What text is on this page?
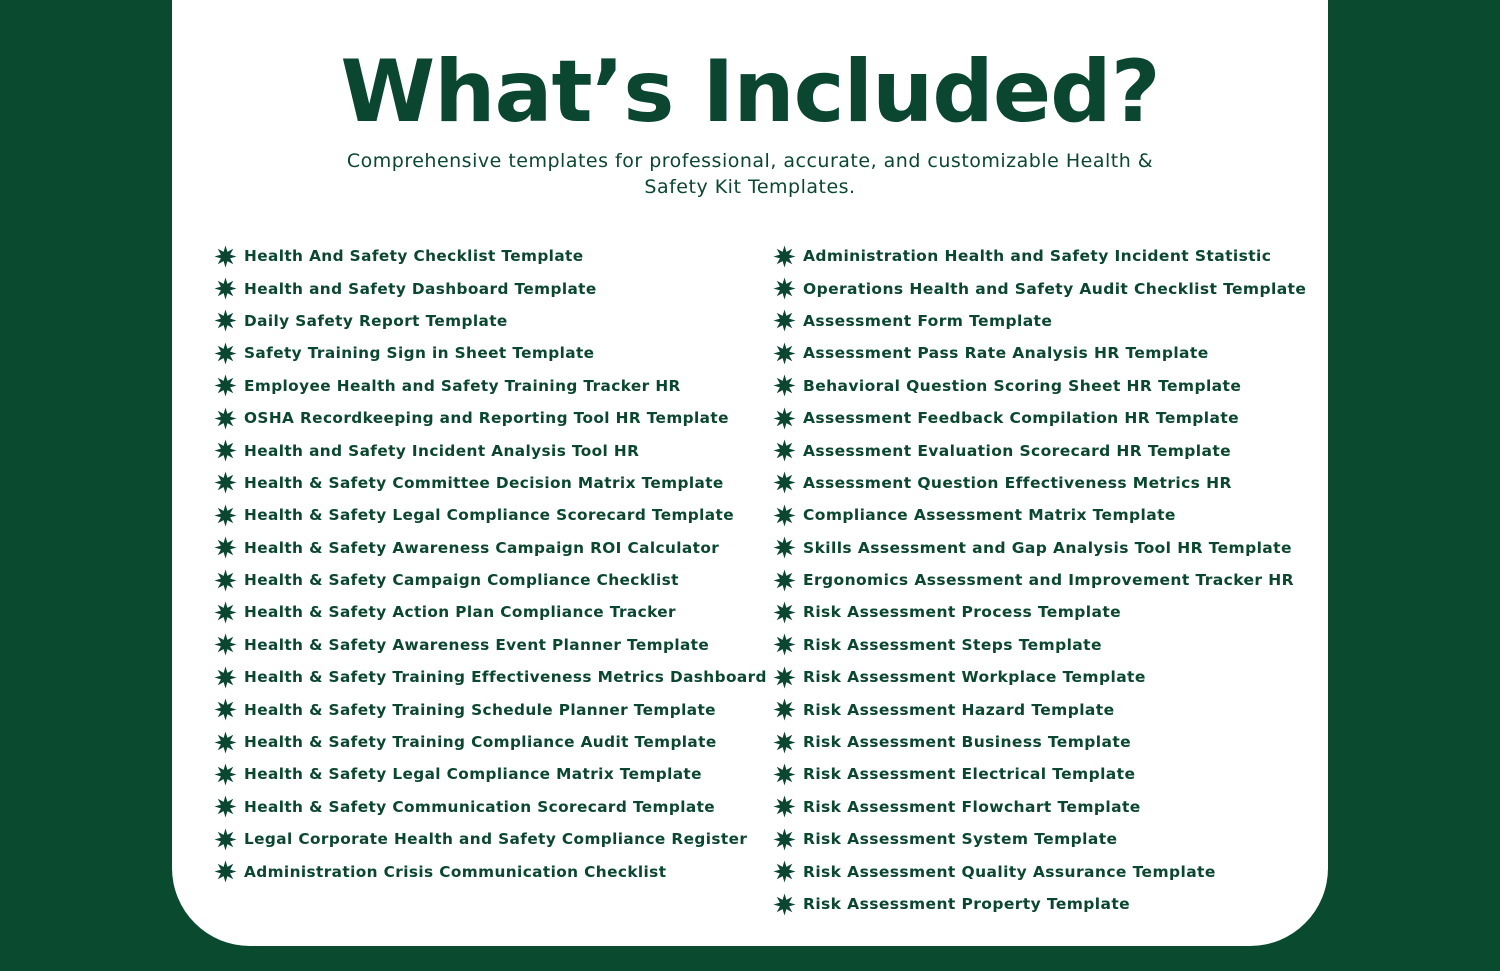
What’s Included?

Comprehensive templates for professional, accurate, and customizable Health & Safety Kit Templates.

Health And Safety Checklist Template
Health and Safety Dashboard Template
Daily Safety Report Template
Safety Training Sign in Sheet Template
Employee Health and Safety Training Tracker HR
OSHA Recordkeeping and Reporting Tool HR Template
Health and Safety Incident Analysis Tool HR
Health & Safety Committee Decision Matrix Template
Health & Safety Legal Compliance Scorecard Template
Health & Safety Awareness Campaign ROI Calculator
Health & Safety Campaign Compliance Checklist
Health & Safety Action Plan Compliance Tracker
Health & Safety Awareness Event Planner Template
Health & Safety Training Effectiveness Metrics Dashboard
Health & Safety Training Schedule Planner Template
Health & Safety Training Compliance Audit Template
Health & Safety Legal Compliance Matrix Template
Health & Safety Communication Scorecard Template
Legal Corporate Health and Safety Compliance Register
Administration Crisis Communication Checklist
Administration Health and Safety Incident Statistic
Operations Health and Safety Audit Checklist Template
Assessment Form Template
Assessment Pass Rate Analysis HR Template
Behavioral Question Scoring Sheet HR Template
Assessment Feedback Compilation HR Template
Assessment Evaluation Scorecard HR Template
Assessment Question Effectiveness Metrics HR
Compliance Assessment Matrix Template
Skills Assessment and Gap Analysis Tool HR Template
Ergonomics Assessment and Improvement Tracker HR
Risk Assessment Process Template
Risk Assessment Steps Template
Risk Assessment Workplace Template
Risk Assessment Hazard Template
Risk Assessment Business Template
Risk Assessment Electrical Template
Risk Assessment Flowchart Template
Risk Assessment System Template
Risk Assessment Quality Assurance Template
Risk Assessment Property Template
